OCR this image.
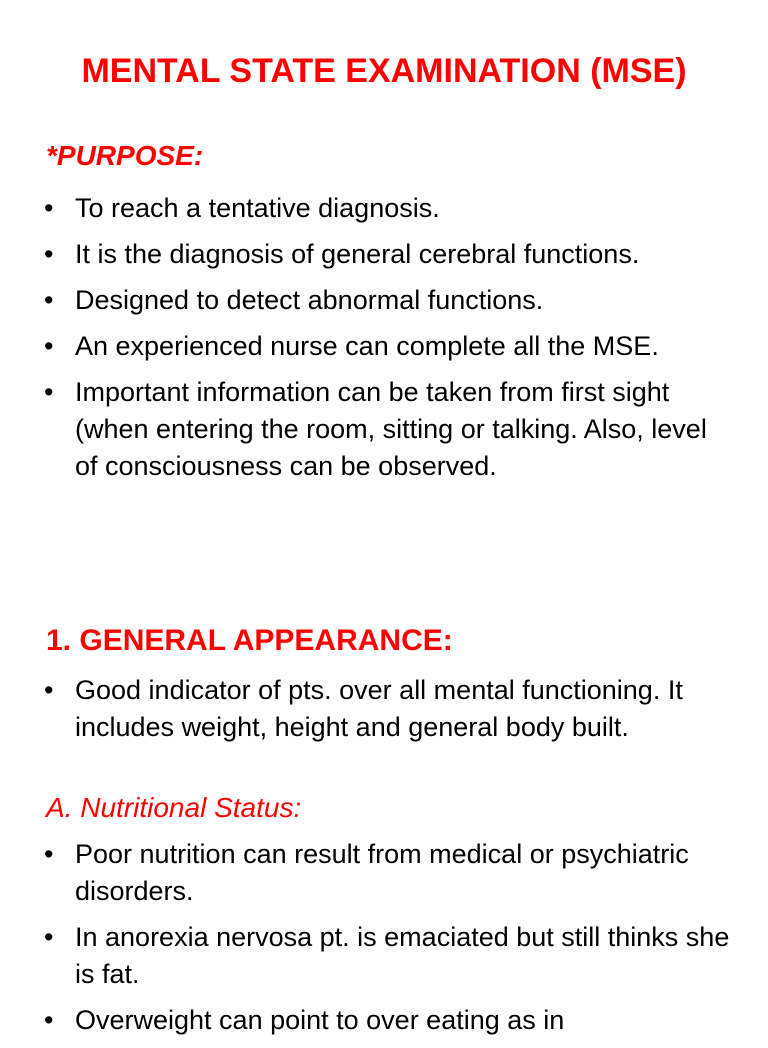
MENTAL STATE EXAMINATION (MSE)

*PURPOSE:

• To reach a tentative diagnosis.
• It is the diagnosis of general cerebral functions.
• Designed to detect abnormal functions.
• An experienced nurse can complete all the MSE.
• Important information can be taken from first sight (when entering the room, sitting or talking. Also, level of consciousness can be observed.
1. GENERAL APPEARANCE:
• Good indicator of pts. over all mental functioning. It includes weight, height and general body built.

A. Nutritional Status:

• Poor nutrition can result from medical or psychiatric disorders.
• In anorexia nervosa pt. is emaciated but still thinks she is fat.
• Overweight can point to over eating as in
